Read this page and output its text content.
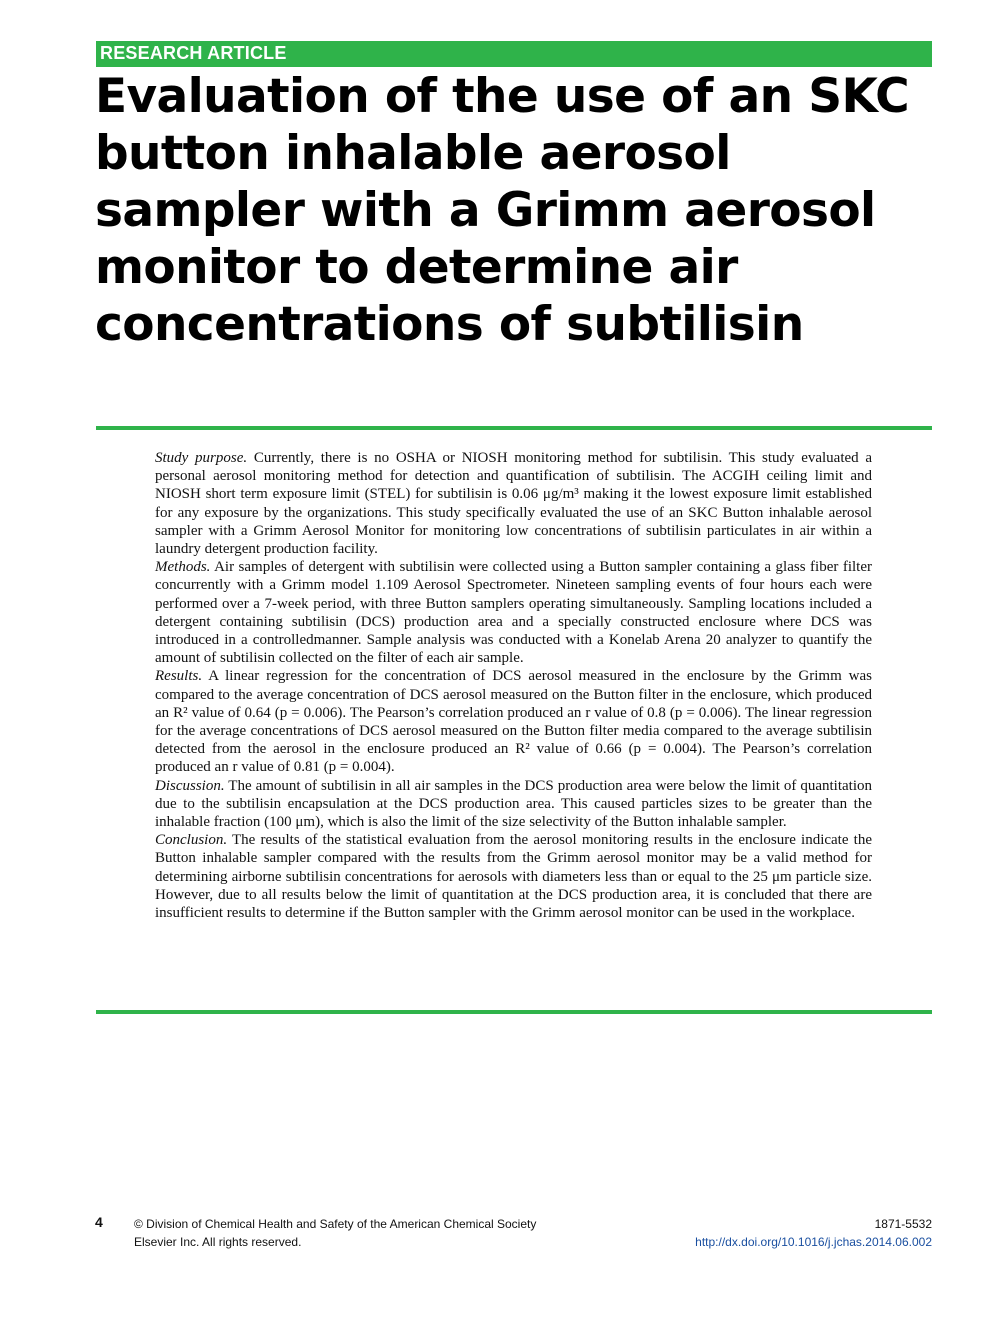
RESEARCH ARTICLE
Evaluation of the use of an SKC button inhalable aerosol sampler with a Grimm aerosol monitor to determine air concentrations of subtilisin

Study purpose. Currently, there is no OSHA or NIOSH monitoring method for subtilisin. This study evaluated a personal aerosol monitoring method for detection and quantification of subtilisin. The ACGIH ceiling limit and NIOSH short term exposure limit (STEL) for subtilisin is 0.06 μg/m³ making it the lowest exposure limit established for any exposure by the organizations. This study specifically evaluated the use of an SKC Button inhalable aerosol sampler with a Grimm Aerosol Monitor for monitoring low concentrations of subtilisin particulates in air within a laundry detergent production facility.

Methods. Air samples of detergent with subtilisin were collected using a Button sampler containing a glass fiber filter concurrently with a Grimm model 1.109 Aerosol Spectrometer. Nineteen sampling events of four hours each were performed over a 7-week period, with three Button samplers operating simultaneously. Sampling locations included a detergent containing subtilisin (DCS) production area and a specially constructed enclosure where DCS was introduced in a controlledmanner. Sample analysis was conducted with a Konelab Arena 20 analyzer to quantify the amount of subtilisin collected on the filter of each air sample.

Results. A linear regression for the concentration of DCS aerosol measured in the enclosure by the Grimm was compared to the average concentration of DCS aerosol measured on the Button filter in the enclosure, which produced an R² value of 0.64 (p = 0.006). The Pearson’s correlation produced an r value of 0.8 (p = 0.006). The linear regression for the average concentrations of DCS aerosol measured on the Button filter media compared to the average subtilisin detected from the aerosol in the enclosure produced an R² value of 0.66 (p = 0.004). The Pearson’s correlation produced an r value of 0.81 (p = 0.004).

Discussion. The amount of subtilisin in all air samples in the DCS production area were below the limit of quantitation due to the subtilisin encapsulation at the DCS production area. This caused particles sizes to be greater than the inhalable fraction (100 μm), which is also the limit of the size selectivity of the Button inhalable sampler.

Conclusion. The results of the statistical evaluation from the aerosol monitoring results in the enclosure indicate the Button inhalable sampler compared with the results from the Grimm aerosol monitor may be a valid method for determining airborne subtilisin concentrations for aerosols with diameters less than or equal to the 25 μm particle size. However, due to all results below the limit of quantitation at the DCS production area, it is concluded that there are insufficient results to determine if the Button sampler with the Grimm aerosol monitor can be used in the workplace.

4	© Division of Chemical Health and Safety of the American Chemical Society
Elsevier Inc. All rights reserved.
1871-5532
http://dx.doi.org/10.1016/j.jchas.2014.06.002
